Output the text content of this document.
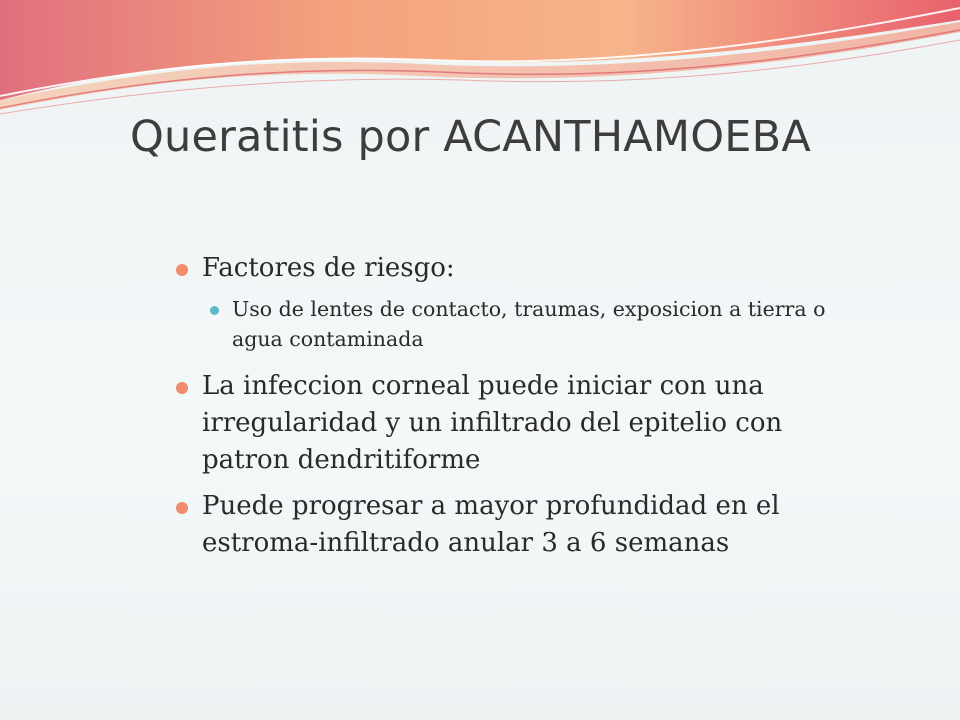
Queratitis por ACANTHAMOEBA
Factores de riesgo:
Uso de lentes de contacto, traumas, exposicion a tierra o agua contaminada
La infeccion corneal puede iniciar con una irregularidad y un infiltrado del epitelio con patron dendritiforme
Puede progresar a mayor profundidad en el estroma-infiltrado anular 3 a 6 semanas
